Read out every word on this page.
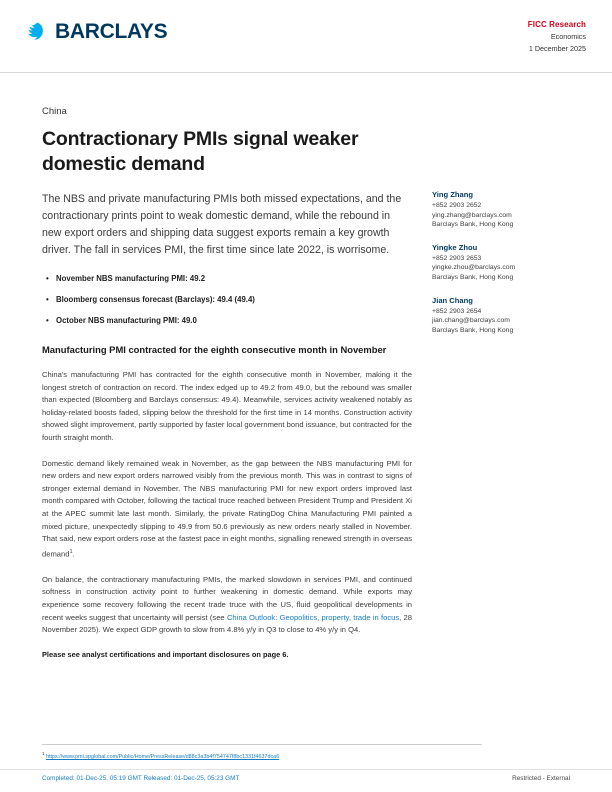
BARCLAYS	FICC Research
Economics
1 December 2025
China
Contractionary PMIs signal weaker domestic demand

The NBS and private manufacturing PMIs both missed expectations, and the contractionary prints point to weak domestic demand, while the rebound in new export orders and shipping data suggest exports remain a key growth driver. The fall in services PMI, the first time since late 2022, is worrisome.

• November NBS manufacturing PMI: 49.2
• Bloomberg consensus forecast (Barclays): 49.4 (49.4)
• October NBS manufacturing PMI: 49.0
Manufacturing PMI contracted for the eighth consecutive month in November

China's manufacturing PMI has contracted for the eighth consecutive month in November, making it the longest stretch of contraction on record. The index edged up to 49.2 from 49.0, but the rebound was smaller than expected (Bloomberg and Barclays consensus: 49.4). Meanwhile, services activity weakened notably as holiday-related boosts faded, slipping below the threshold for the first time in 14 months. Construction activity showed slight improvement, partly supported by faster local government bond issuance, but contracted for the fourth straight month.

Domestic demand likely remained weak in November, as the gap between the NBS manufacturing PMI for new orders and new export orders narrowed visibly from the previous month. This was in contrast to signs of stronger external demand in November. The NBS manufacturing PMI for new export orders improved last month compared with October, following the tactical truce reached between President Trump and President Xi at the APEC summit late last month. Similarly, the private RatingDog China Manufacturing PMI painted a mixed picture, unexpectedly slipping to 49.9 from 50.6 previously as new orders nearly stalled in November. That said, new export orders rose at the fastest pace in eight months, signalling renewed strength in overseas demand$^1$.

On balance, the contractionary manufacturing PMIs, the marked slowdown in services PMI, and continued softness in construction activity point to further weakening in domestic demand. While exports may experience some recovery following the recent trade truce with the US, fluid geopolitical developments in recent weeks suggest that uncertainty will persist (see China Outlook: Geopolitics, property, trade in focus, 28 November 2025). We expect GDP growth to slow from 4.8% y/y in Q3 to close to 4% y/y in Q4.

Please see analyst certifications and important disclosures on page 6.

Ying Zhang
+852 2903 2652
ying.zhang@barclays.com
Barclays Bank, Hong Kong
Yingke Zhou
+852 2903 2653
yingke.zhou@barclays.com
Barclays Bank, Hong Kong
Jian Chang
+852 2903 2654
jian.chang@barclays.com
Barclays Bank, Hong Kong
1 https://www.pmi.spglobal.com/Public/Home/PressRelease/d88c3a3b4f754747f8bc1331f4637dca6
Completed: 01-Dec-25, 05:19 GMT Released: 01-Dec-25, 05:23 GMT	Restricted - External
